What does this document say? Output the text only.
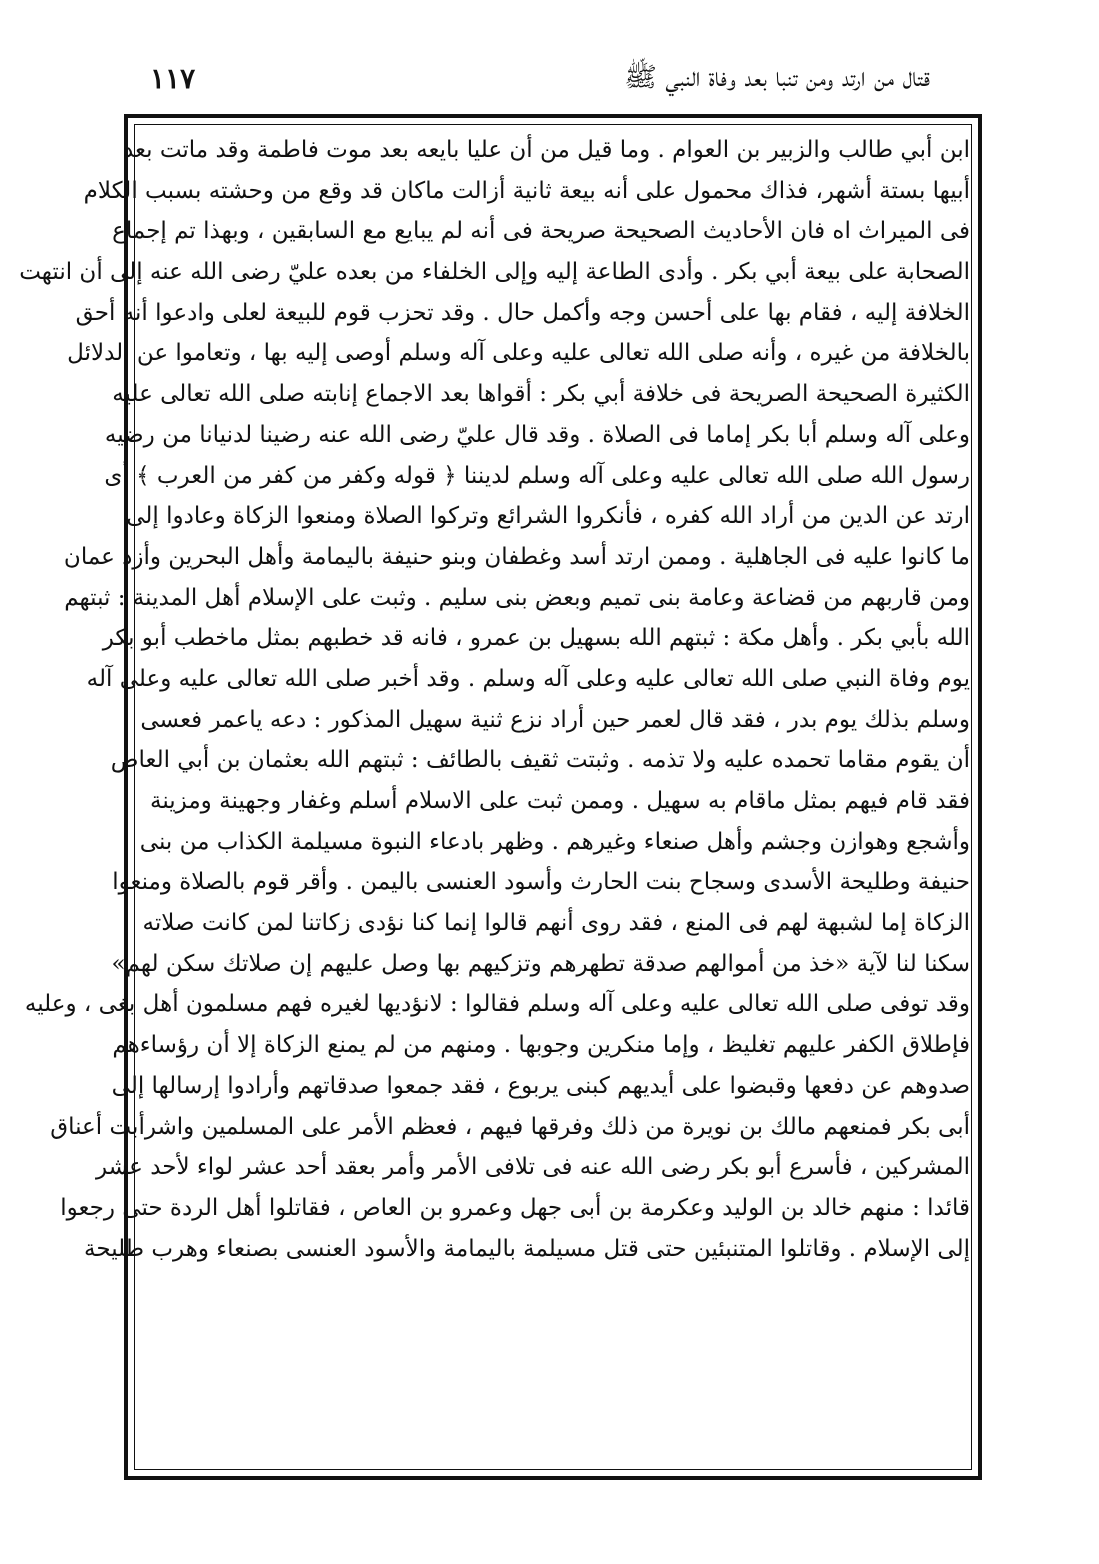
قتال من ارتد ومن تنبا بعد وفاة النبي ﷺ
١١٧
ابن أبي طالب والزبير بن العوام . وما قيل من أن عليا بايعه بعد موت فاطمة وقد ماتت بعد
أبيها بستة أشهر، فذاك محمول على أنه بيعة ثانية أزالت ماكان قد وقع من وحشته بسبب الكلام
فى الميراث اه فان الأحاديث الصحيحة صريحة فى أنه لم يبايع مع السابقين ، وبهذا تم إجماع
الصحابة على بيعة أبي بكر . وأدى الطاعة إليه وإلى الخلفاء من بعده عليّ رضى الله عنه إلى أن انتهت
الخلافة إليه ، فقام بها على أحسن وجه وأكمل حال . وقد تحزب قوم للبيعة لعلى وادعوا أنه أحق
بالخلافة من غيره ، وأنه صلى الله تعالى عليه وعلى آله وسلم أوصى إليه بها ، وتعاموا عن الدلائل
الكثيرة الصحيحة الصريحة فى خلافة أبي بكر : أقواها بعد الاجماع إنابته صلى الله تعالى عليه
وعلى آله وسلم أبا بكر إماما فى الصلاة . وقد قال عليّ رضى الله عنه رضينا لدنيانا من رضيه
رسول الله صلى الله تعالى عليه وعلى آله وسلم لديننا ﴿ قوله وكفر من كفر من العرب ﴾ أى
ارتد عن الدين من أراد الله كفره ، فأنكروا الشرائع وتركوا الصلاة ومنعوا الزكاة وعادوا إلى
ما كانوا عليه فى الجاهلية . وممن ارتد أسد وغطفان وبنو حنيفة باليمامة وأهل البحرين وأزد عمان
ومن قاربهم من قضاعة وعامة بنى تميم وبعض بنى سليم . وثبت على الإسلام أهل المدينة : ثبتهم
الله بأبي بكر . وأهل مكة : ثبتهم الله بسهيل بن عمرو ، فانه قد خطبهم بمثل ماخطب أبو بكر
يوم وفاة النبي صلى الله تعالى عليه وعلى آله وسلم . وقد أخبر صلى الله تعالى عليه وعلى آله
وسلم بذلك يوم بدر ، فقد قال لعمر حين أراد نزع ثنية سهيل المذكور : دعه ياعمر فعسى
أن يقوم مقاما تحمده عليه ولا تذمه . وثبتت ثقيف بالطائف : ثبتهم الله بعثمان بن أبي العاص
فقد قام فيهم بمثل ماقام به سهيل . وممن ثبت على الاسلام أسلم وغفار وجهينة ومزينة
وأشجع وهوازن وجشم وأهل صنعاء وغيرهم . وظهر بادعاء النبوة مسيلمة الكذاب من بنى
حنيفة وطليحة الأسدى وسجاح بنت الحارث وأسود العنسى باليمن . وأقر قوم بالصلاة ومنعوا
الزكاة إما لشبهة لهم فى المنع ، فقد روى أنهم قالوا إنما كنا نؤدى زكاتنا لمن كانت صلاته
سكنا لنا لآية «خذ من أموالهم صدقة تطهرهم وتزكيهم بها وصل عليهم إن صلاتك سكن لهم»
وقد توفى صلى الله تعالى عليه وعلى آله وسلم فقالوا : لانؤديها لغيره فهم مسلمون أهل بغى ، وعليه
فإطلاق الكفر عليهم تغليظ ، وإما منكرين وجوبها . ومنهم من لم يمنع الزكاة إلا أن رؤساءهم
صدوهم عن دفعها وقبضوا على أيديهم كبنى يربوع ، فقد جمعوا صدقاتهم وأرادوا إرسالها إلى
أبى بكر فمنعهم مالك بن نويرة من ذلك وفرقها فيهم ، فعظم الأمر على المسلمين واشرأبت أعناق
المشركين ، فأسرع أبو بكر رضى الله عنه فى تلافى الأمر وأمر بعقد أحد عشر لواء لأحد عشر
قائدا : منهم خالد بن الوليد وعكرمة بن أبى جهل وعمرو بن العاص ، فقاتلوا أهل الردة حتى رجعوا
إلى الإسلام . وقاتلوا المتنبئين حتى قتل مسيلمة باليمامة والأسود العنسى بصنعاء وهرب طليحة
